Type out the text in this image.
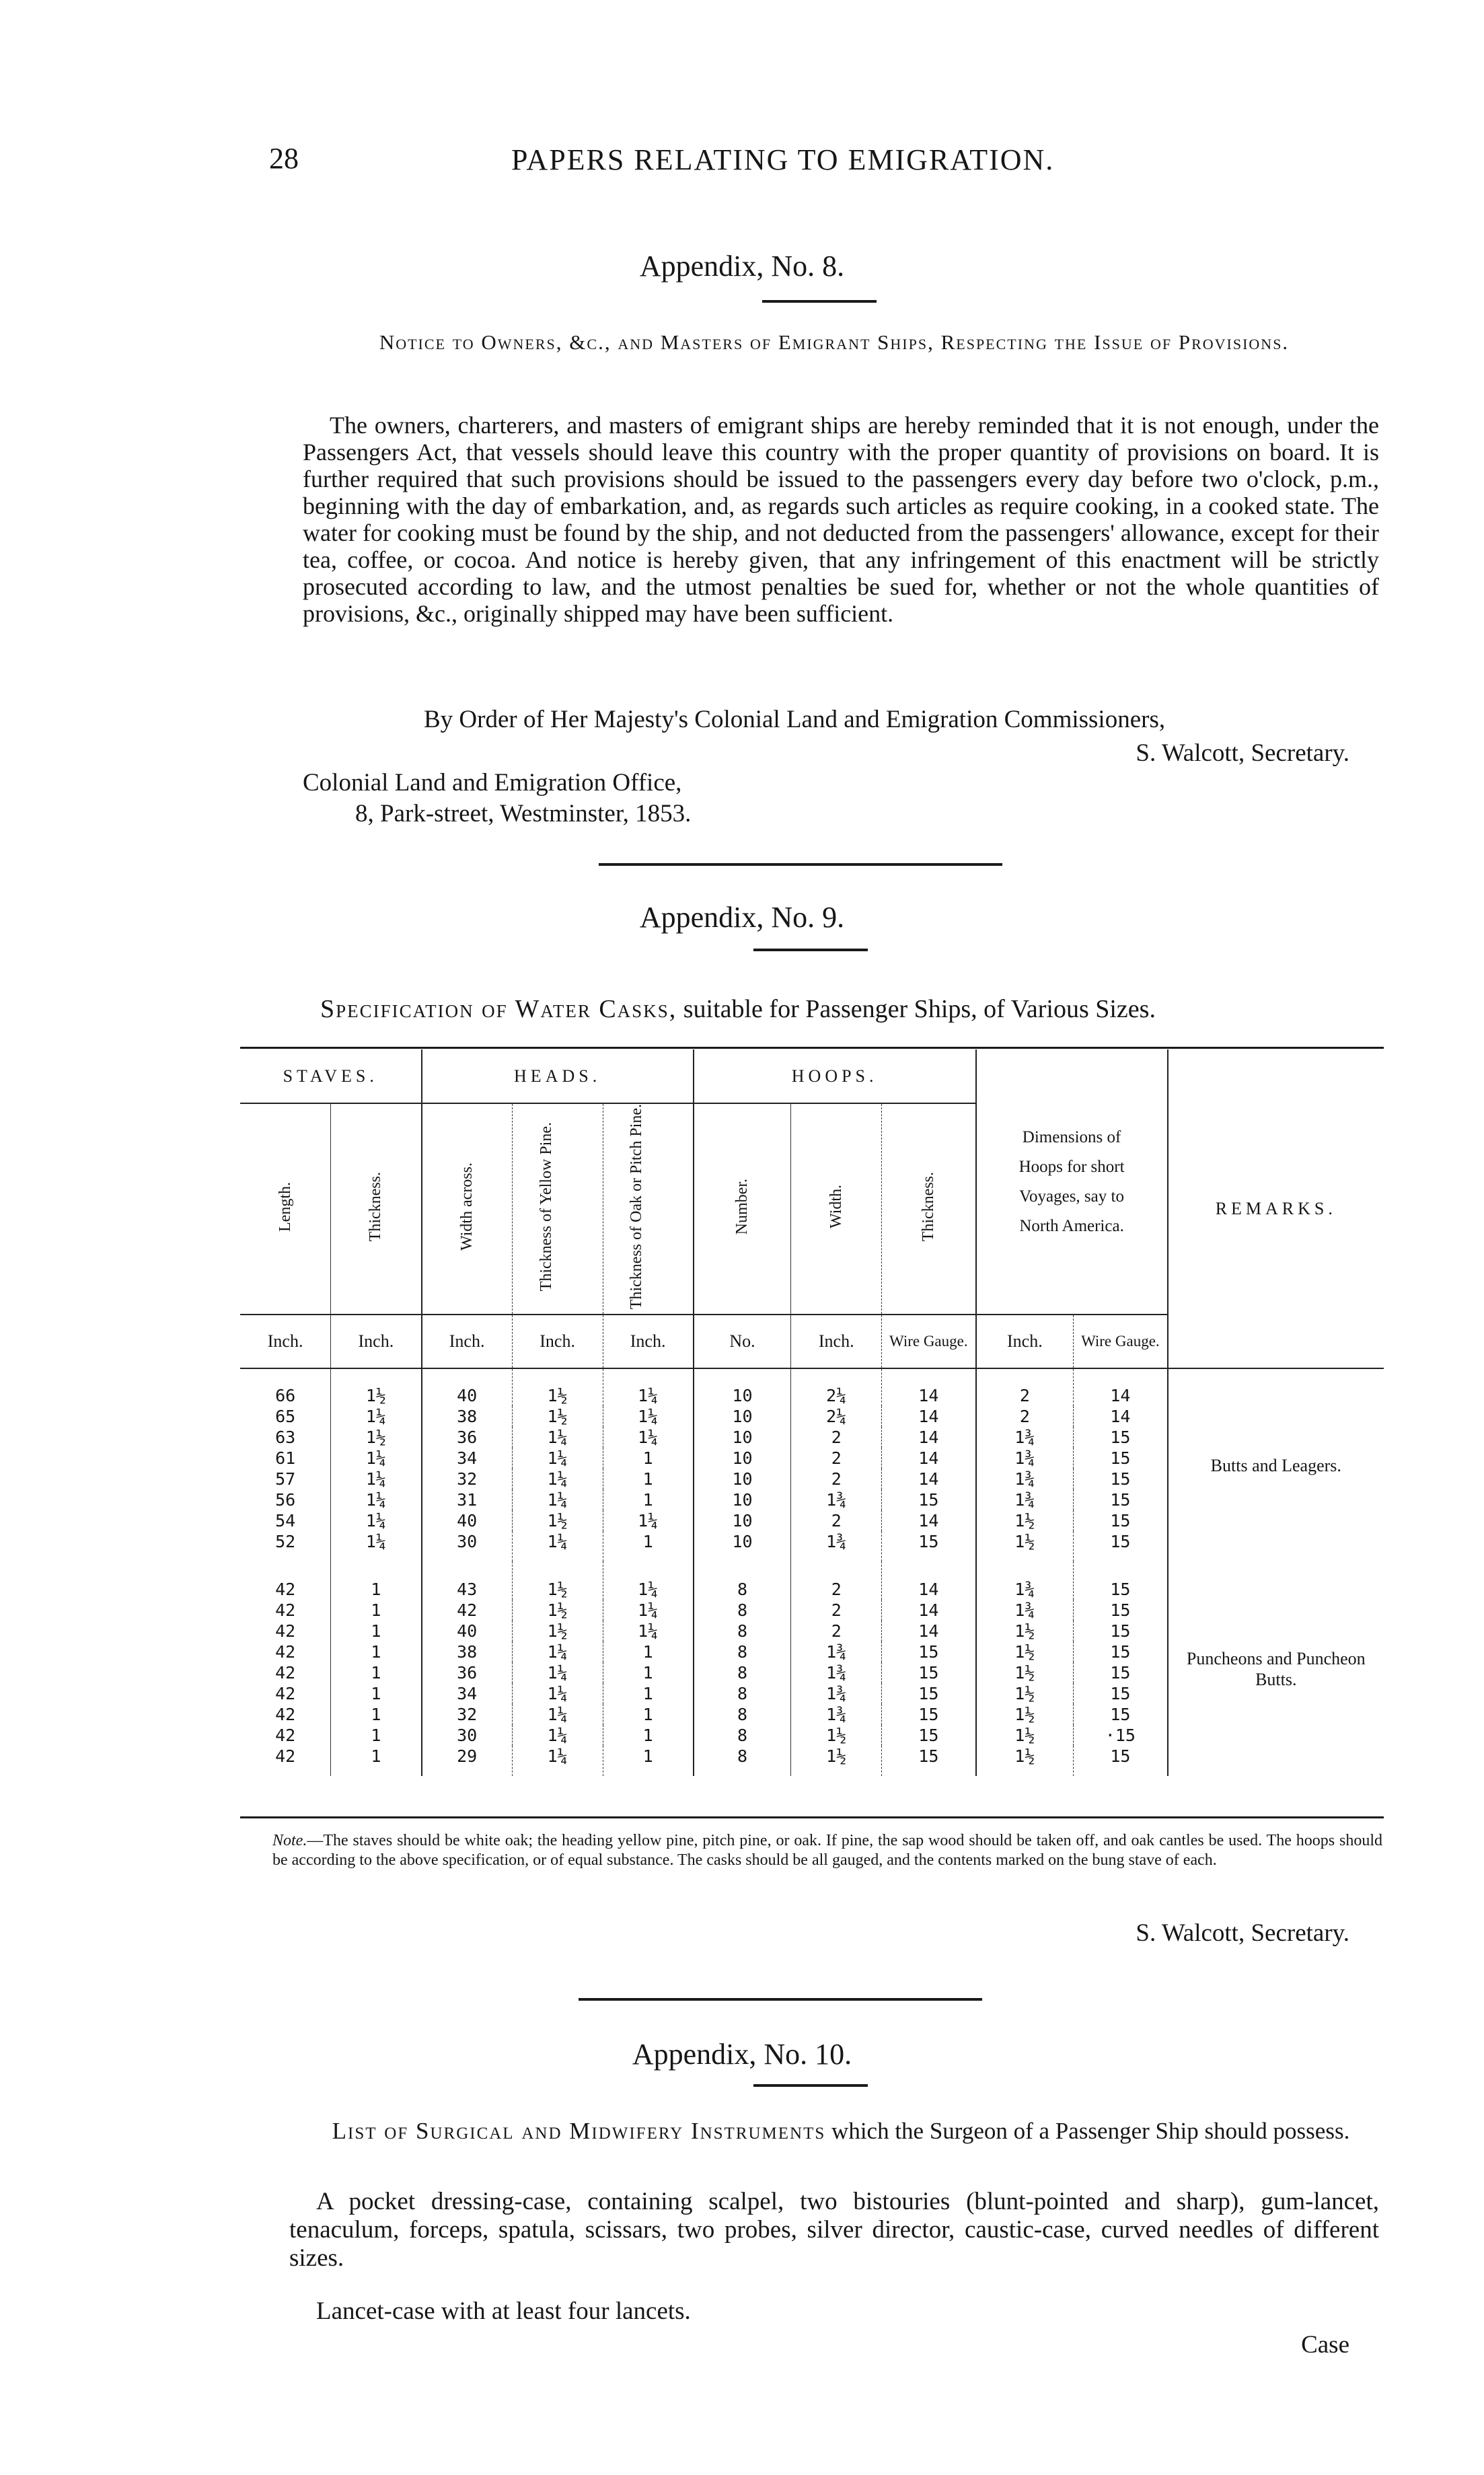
28	PAPERS RELATING TO EMIGRATION.
Appendix, No. 8.
Notice to Owners, &c., and Masters of Emigrant Ships, Respecting the Issue of Provisions.
The owners, charterers, and masters of emigrant ships are hereby reminded that it is not enough, under the Passengers Act, that vessels should leave this country with the proper quantity of provisions on board. It is further required that such provisions should be issued to the passengers every day before two o'clock, p.m., beginning with the day of embarkation, and, as regards such articles as require cooking, in a cooked state. The water for cooking must be found by the ship, and not deducted from the passengers' allowance, except for their tea, coffee, or cocoa. And notice is hereby given, that any infringement of this enactment will be strictly prosecuted according to law, and the utmost penalties be sued for, whether or not the whole quantities of provisions, &c., originally shipped may have been sufficient.
By Order of Her Majesty's Colonial Land and Emigration Commissioners,
S. Walcott, Secretary.
Colonial Land and Emigration Office,
8, Park-street, Westminster, 1853.
Appendix, No. 9.
Specification of Water Casks, suitable for Passenger Ships, of Various Sizes.
STAVES.		HEADS.			HOOPS.			Dimensions of Hoops for short Voyages, say to North America.		REMARKS.
Length.	Thickness.	Width across.	Thickness of Yellow Pine.	Thickness of Oak or Pitch Pine.	Number.	Width.	Thickness.			
Inch.	Inch.	Inch.	Inch.	Inch.	No.	Inch.	Wire Gauge.	Inch.	Wire Gauge.	
66	1½	40	1½	1¼	10	2¼	14	2	14	Butts and Leagers.
65	1¼	38	1½	1¼	10	2¼	14	2	14	
63	1½	36	1¼	1¼	10	2	14	1¾	15	
61	1¼	34	1¼	1	10	2	14	1¾	15	
57	1¼	32	1¼	1	10	2	14	1¾	15	
56	1¼	31	1¼	1	10	1¾	15	1¾	15	
54	1¼	40	1½	1¼	10	2	14	1½	15	
52	1¼	30	1¼	1	10	1¾	15	1½	15	
42	1	43	1½	1¼	8	2	14	1¾	15	Puncheons and Puncheon Butts.
42	1	42	1½	1¼	8	2	14	1¾	15	
42	1	40	1½	1¼	8	2	14	1½	15	
42	1	38	1¼	1	8	1¾	15	1½	15	
42	1	36	1¼	1	8	1¾	15	1½	15	
42	1	34	1¼	1	8	1¾	15	1½	15	
42	1	32	1¼	1	8	1¾	15	1½	15	
42	1	30	1¼	1	8	1½	15	1½	·15	
42	1	29	1¼	1	8	1½	15	1½	15	
Note.—The staves should be white oak; the heading yellow pine, pitch pine, or oak. If pine, the sap wood should be taken off, and oak cantles be used. The hoops should be according to the above specification, or of equal substance. The casks should be all gauged, and the contents marked on the bung stave of each.
S. Walcott, Secretary.
Appendix, No. 10.
List of Surgical and Midwifery Instruments which the Surgeon of a Passenger Ship should possess.
A pocket dressing-case, containing scalpel, two bistouries (blunt-pointed and sharp), gum-lancet, tenaculum, forceps, spatula, scissars, two probes, silver director, caustic-case, curved needles of different sizes.
Lancet-case with at least four lancets.
Case
